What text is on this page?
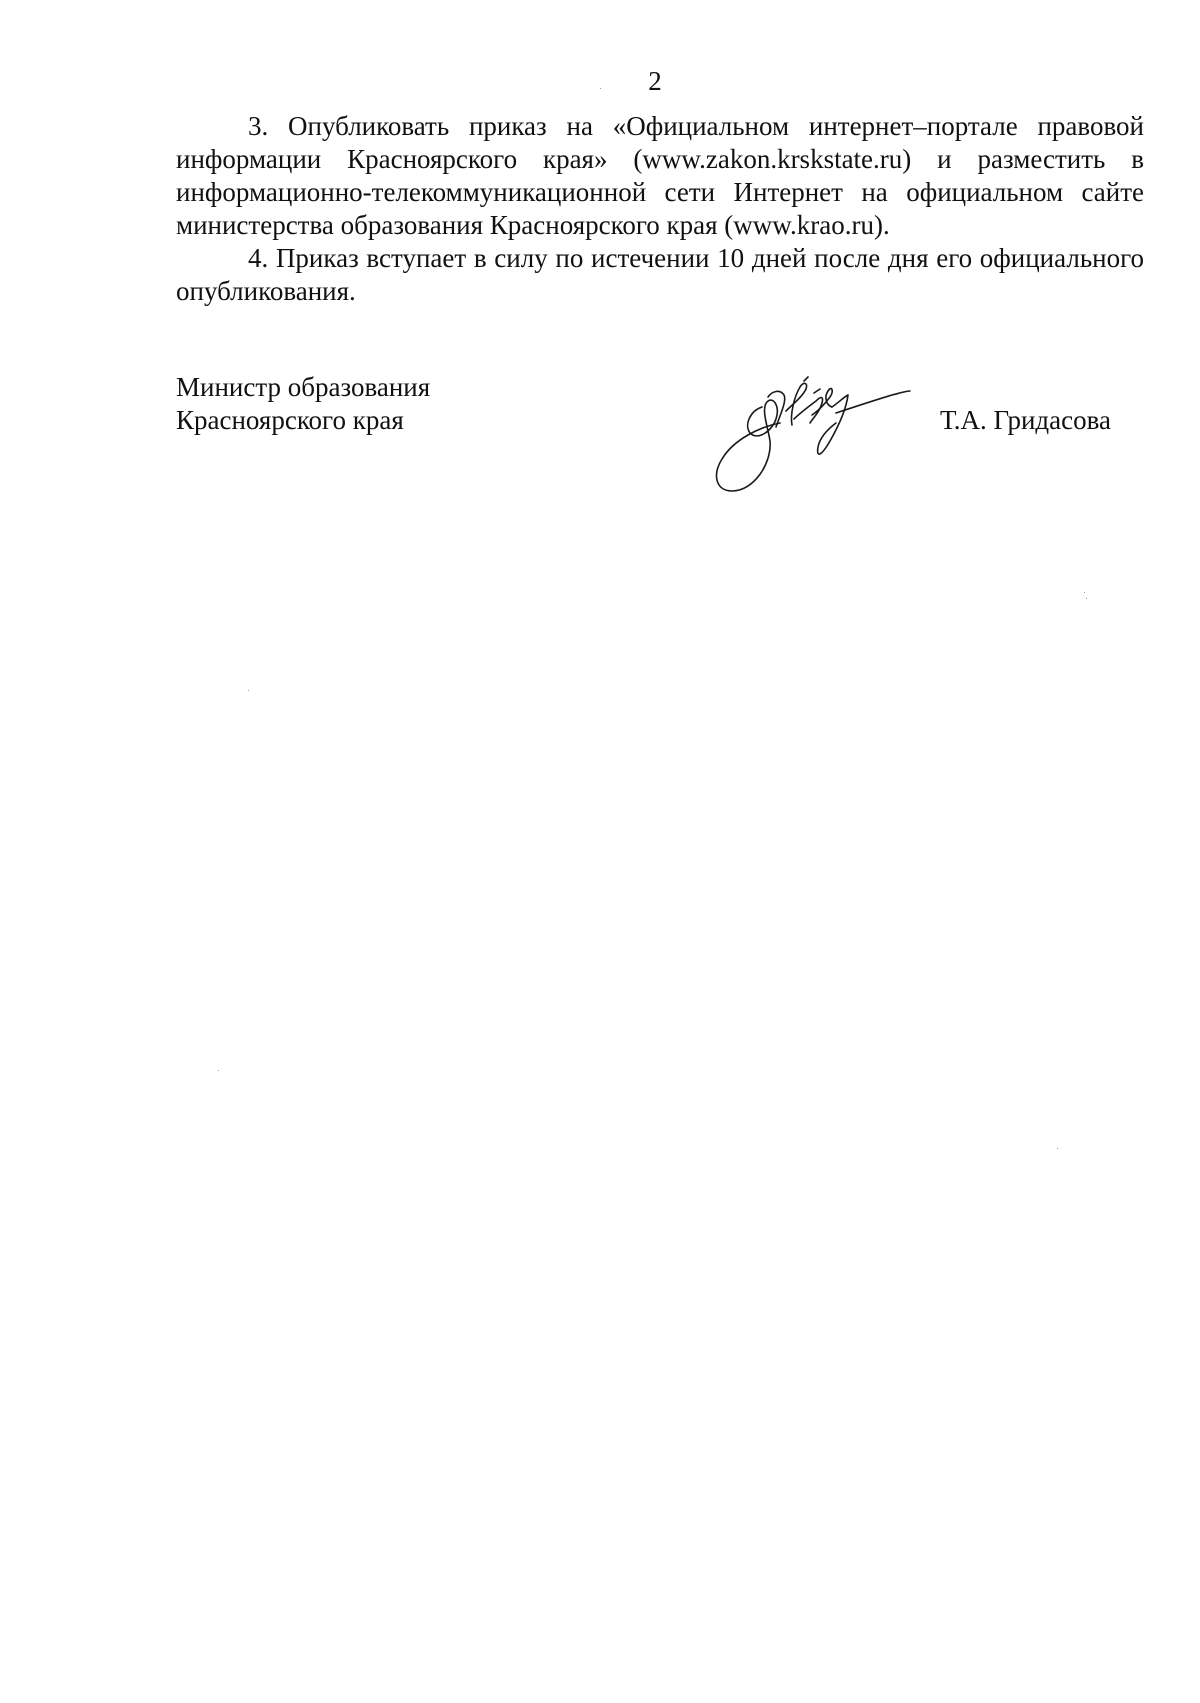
2

3. Опубликовать приказ на «Официальном интернет–портале правовой информации Красноярского края» (www.zakon.krskstate.ru) и разместить в информационно-телекоммуникационной сети Интернет на официальном сайте министерства образования Красноярского края (www.krao.ru).

4. Приказ вступает в силу по истечении 10 дней после дня его официального опубликования.

Министр образования
Красноярского края	Т.А. Гридасова
